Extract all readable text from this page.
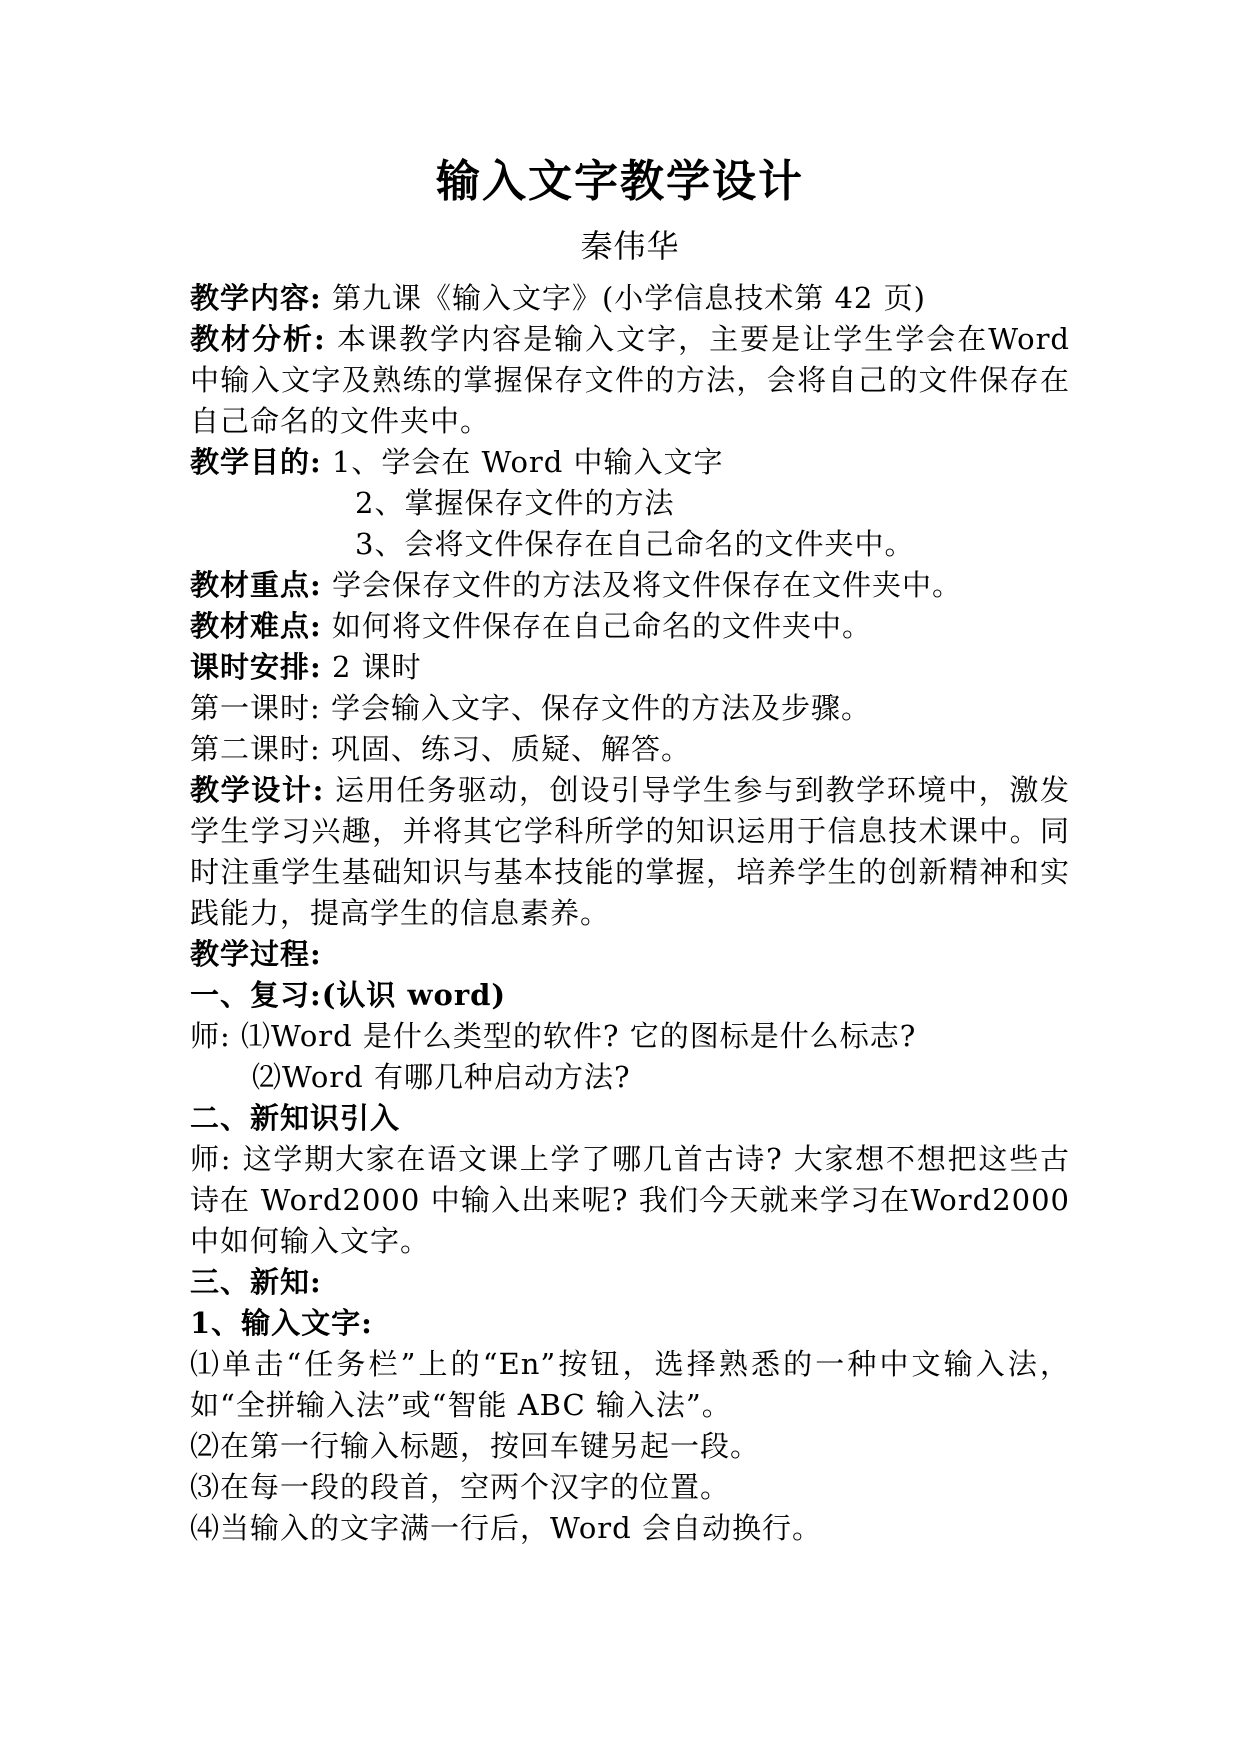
输入文字教学设计
秦伟华

教学内容: 第九课《输入文字》(小学信息技术第 42 页)

教材分析: 本课教学内容是输入文字，主要是让学生学会在Word 中输入文字及熟练的掌握保存文件的方法，会将自己的文件保存在自己命名的文件夹中。

教学目的: 1、学会在 Word 中输入文字

2、掌握保存文件的方法

3、会将文件保存在自己命名的文件夹中。

教材重点: 学会保存文件的方法及将文件保存在文件夹中。

教材难点: 如何将文件保存在自己命名的文件夹中。

课时安排: 2 课时

第一课时: 学会输入文字、保存文件的方法及步骤。

第二课时: 巩固、练习、质疑、解答。

教学设计: 运用任务驱动，创设引导学生参与到教学环境中，激发学生学习兴趣，并将其它学科所学的知识运用于信息技术课中。同时注重学生基础知识与基本技能的掌握，培养学生的创新精神和实践能力，提高学生的信息素养。

教学过程:

一、复习:(认识 word)

师: ⑴Word 是什么类型的软件? 它的图标是什么标志?

⑵Word 有哪几种启动方法?

二、新知识引入

师: 这学期大家在语文课上学了哪几首古诗? 大家想不想把这些古诗在 Word2000 中输入出来呢? 我们今天就来学习在Word2000 中如何输入文字。

三、新知:

1、输入文字:

⑴单击“任务栏”上的“En”按钮，选择熟悉的一种中文输入法，如“全拼输入法”或“智能 ABC 输入法”。

⑵在第一行输入标题，按回车键另起一段。

⑶在每一段的段首，空两个汉字的位置。

⑷当输入的文字满一行后，Word 会自动换行。
